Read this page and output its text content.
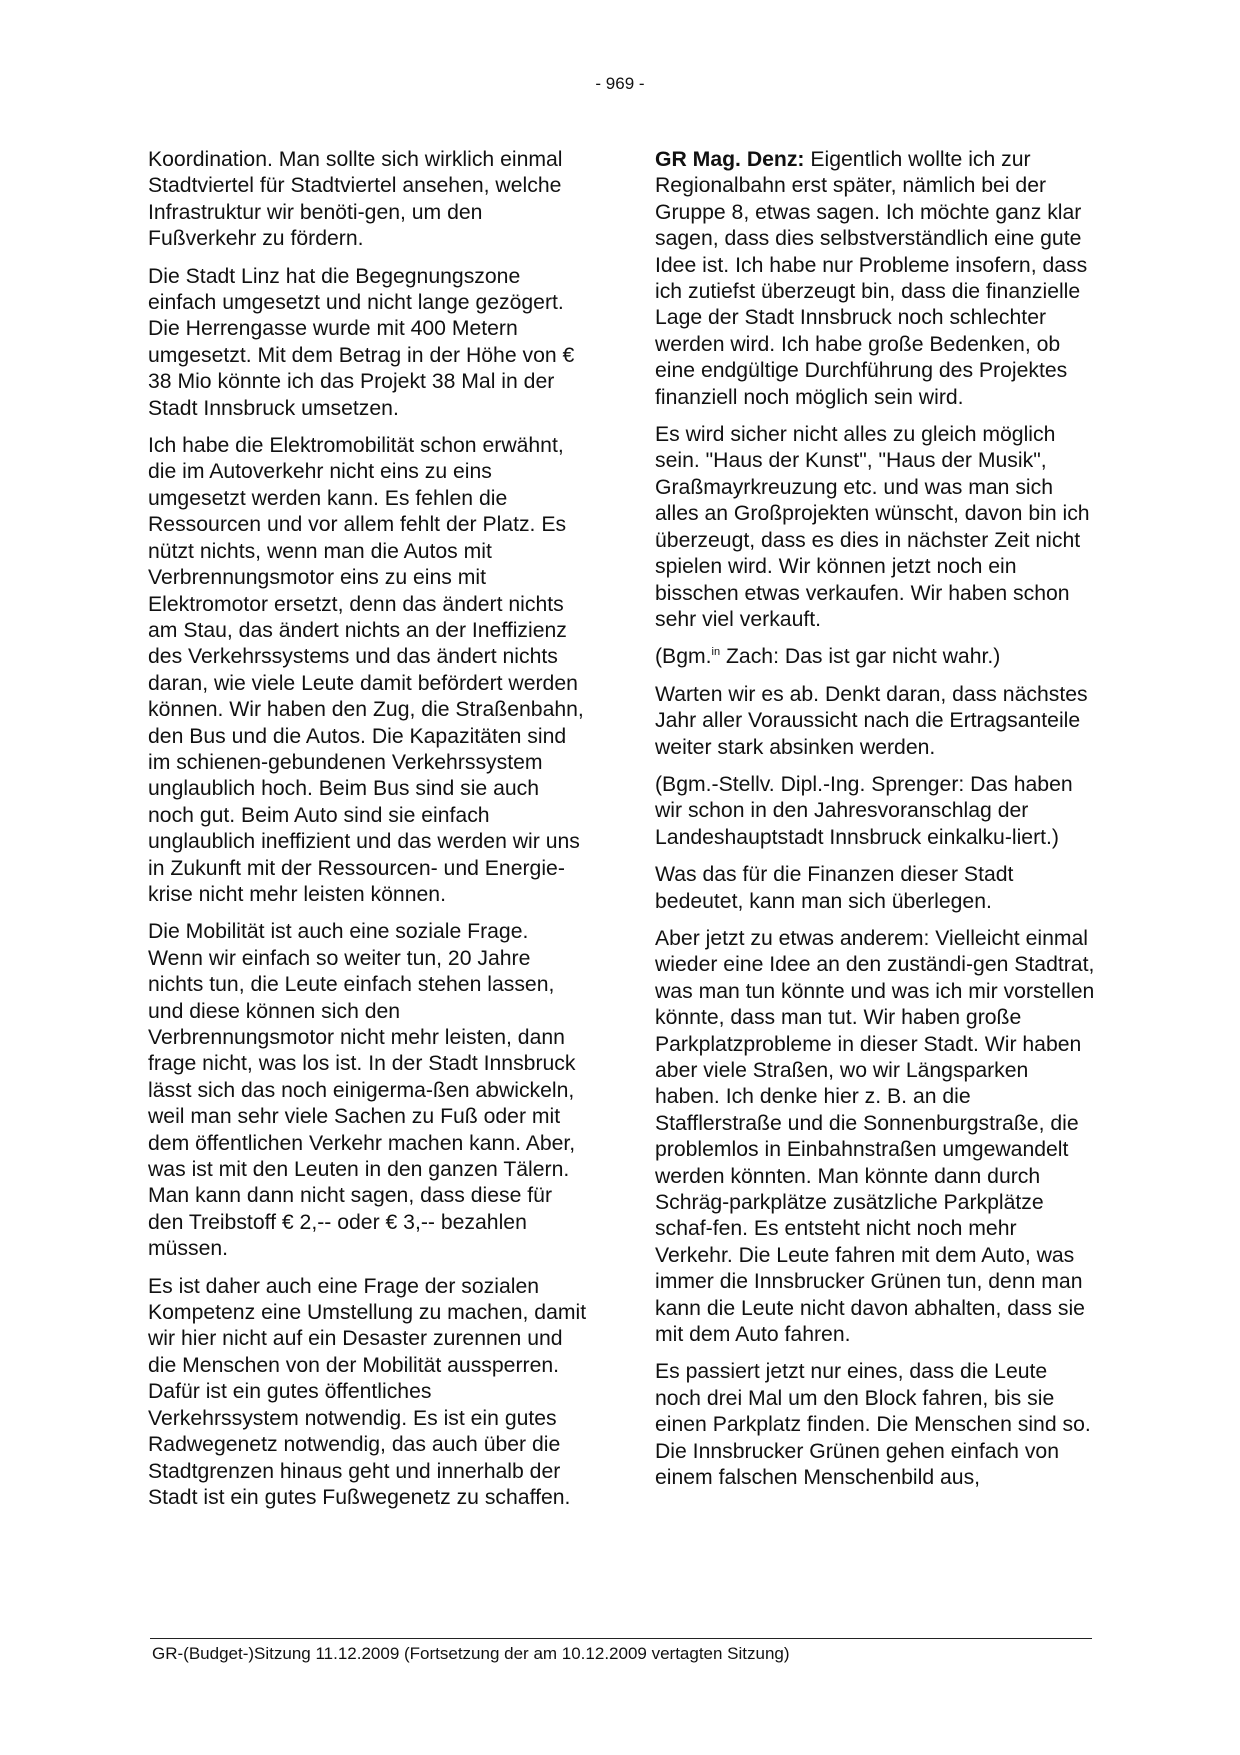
- 969 -

Koordination. Man sollte sich wirklich einmal Stadtviertel für Stadtviertel ansehen, welche Infrastruktur wir benöti-gen, um den Fußverkehr zu fördern.

Die Stadt Linz hat die Begegnungszone einfach umgesetzt und nicht lange gezögert. Die Herrengasse wurde mit 400 Metern umgesetzt. Mit dem Betrag in der Höhe von € 38 Mio könnte ich das Projekt 38 Mal in der Stadt Innsbruck umsetzen.

Ich habe die Elektromobilität schon erwähnt, die im Autoverkehr nicht eins zu eins umgesetzt werden kann. Es fehlen die Ressourcen und vor allem fehlt der Platz. Es nützt nichts, wenn man die Autos mit Verbrennungsmotor eins zu eins mit Elektromotor ersetzt, denn das ändert nichts am Stau, das ändert nichts an der Ineffizienz des Verkehrssystems und das ändert nichts daran, wie viele Leute damit befördert werden können. Wir haben den Zug, die Straßenbahn, den Bus und die Autos. Die Kapazitäten sind im schienen-gebundenen Verkehrssystem unglaublich hoch. Beim Bus sind sie auch noch gut. Beim Auto sind sie einfach unglaublich ineffizient und das werden wir uns in Zukunft mit der Ressourcen- und Energie-krise nicht mehr leisten können.

Die Mobilität ist auch eine soziale Frage. Wenn wir einfach so weiter tun, 20 Jahre nichts tun, die Leute einfach stehen lassen, und diese können sich den Verbrennungsmotor nicht mehr leisten, dann frage nicht, was los ist. In der Stadt Innsbruck lässt sich das noch einigerma-ßen abwickeln, weil man sehr viele Sachen zu Fuß oder mit dem öffentlichen Verkehr machen kann. Aber, was ist mit den Leuten in den ganzen Tälern. Man kann dann nicht sagen, dass diese für den Treibstoff € 2,-- oder € 3,-- bezahlen müssen.

Es ist daher auch eine Frage der sozialen Kompetenz eine Umstellung zu machen, damit wir hier nicht auf ein Desaster zurennen und die Menschen von der Mobilität aussperren. Dafür ist ein gutes öffentliches Verkehrssystem notwendig. Es ist ein gutes Radwegenetz notwendig, das auch über die Stadtgrenzen hinaus geht und innerhalb der Stadt ist ein gutes Fußwegenetz zu schaffen.

GR Mag. Denz: Eigentlich wollte ich zur Regionalbahn erst später, nämlich bei der Gruppe 8, etwas sagen. Ich möchte ganz klar sagen, dass dies selbstverständlich eine gute Idee ist. Ich habe nur Probleme insofern, dass ich zutiefst überzeugt bin, dass die finanzielle Lage der Stadt Innsbruck noch schlechter werden wird. Ich habe große Bedenken, ob eine endgültige Durchführung des Projektes finanziell noch möglich sein wird.

Es wird sicher nicht alles zu gleich möglich sein. "Haus der Kunst", "Haus der Musik", Graßmayrkreuzung etc. und was man sich alles an Großprojekten wünscht, davon bin ich überzeugt, dass es dies in nächster Zeit nicht spielen wird. Wir können jetzt noch ein bisschen etwas verkaufen. Wir haben schon sehr viel verkauft.

(Bgm.$^{in}$ Zach: Das ist gar nicht wahr.)

Warten wir es ab. Denkt daran, dass nächstes Jahr aller Voraussicht nach die Ertragsanteile weiter stark absinken werden.

(Bgm.-Stellv. Dipl.-Ing. Sprenger: Das haben wir schon in den Jahresvoranschlag der Landeshauptstadt Innsbruck einkalku-liert.)

Was das für die Finanzen dieser Stadt bedeutet, kann man sich überlegen.

Aber jetzt zu etwas anderem: Vielleicht einmal wieder eine Idee an den zuständi-gen Stadtrat, was man tun könnte und was ich mir vorstellen könnte, dass man tut. Wir haben große Parkplatzprobleme in dieser Stadt. Wir haben aber viele Straßen, wo wir Längsparken haben. Ich denke hier z. B. an die Stafflerstraße und die Sonnenburgstraße, die problemlos in Einbahnstraßen umgewandelt werden könnten. Man könnte dann durch Schräg-parkplätze zusätzliche Parkplätze schaf-fen. Es entsteht nicht noch mehr Verkehr. Die Leute fahren mit dem Auto, was immer die Innsbrucker Grünen tun, denn man kann die Leute nicht davon abhalten, dass sie mit dem Auto fahren.

Es passiert jetzt nur eines, dass die Leute noch drei Mal um den Block fahren, bis sie einen Parkplatz finden. Die Menschen sind so. Die Innsbrucker Grünen gehen einfach von einem falschen Menschenbild aus,

GR-(Budget-)Sitzung 11.12.2009 (Fortsetzung der am 10.12.2009 vertagten Sitzung)
